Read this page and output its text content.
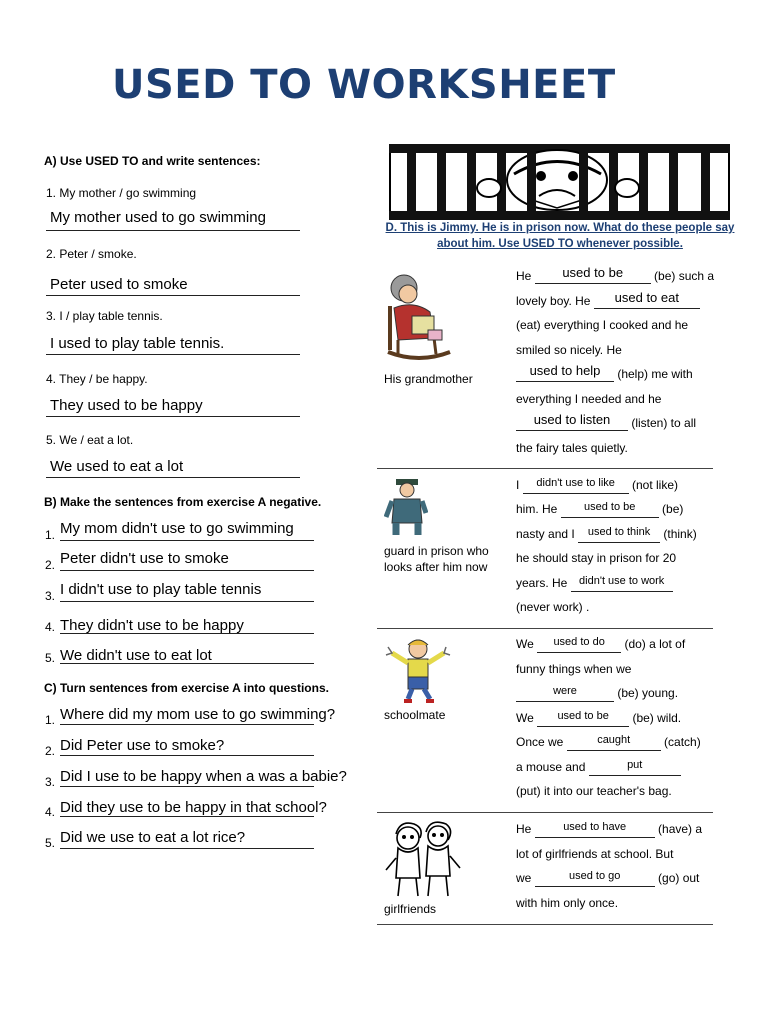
USED TO WORKSHEET
A) Use USED TO and write sentences:
1. My mother / go swimming
My mother used to go swimming
2. Peter / smoke.
Peter used to smoke
3. I / play table tennis.
I used to play table tennis.
4. They / be happy.
They used to be happy
5. We / eat a lot.
We used to eat a lot
B) Make the sentences from exercise A negative.
1. My mom didn't use to go swimming
2. Peter didn't use to smoke
3. I didn't use to play table tennis
4. They didn't use to be happy
5. We didn't use to eat lot
C) Turn sentences from exercise A into questions.
1. Where did my mom use to go swimming?
2. Did Peter use to smoke?
3. Did I use to be happy when a was a babie?
4. Did they use to be happy in that school?
5. Did we use to eat a lot rice?
D. This is Jimmy. He is in prison now. What do these people say about him. Use USED TO whenever possible.
His grandmother
He used to be (be) such a
lovely boy. He used to eat
(eat) everything I cooked and he
smiled so nicely. He
used to help (help) me with
everything I needed and he
used to listen (listen) to all
the fairy tales quietly.
guard in prison who looks after him now
I didn't use to like (not like)
him. He used to be (be)
nasty and I used to think (think)
he should stay in prison for 20
years. He didn't use to work
(never work) .
schoolmate
We used to do (do) a lot of
funny things when we
were	(be) young.
We used to be (be) wild.
Once we	caught	(catch)
a mouse and	put
(put) it into our teacher's bag.
girlfriends
He	used to have (have) a
lot of girlfriends at school. But
we	used to go	(go) out
with him only once.
